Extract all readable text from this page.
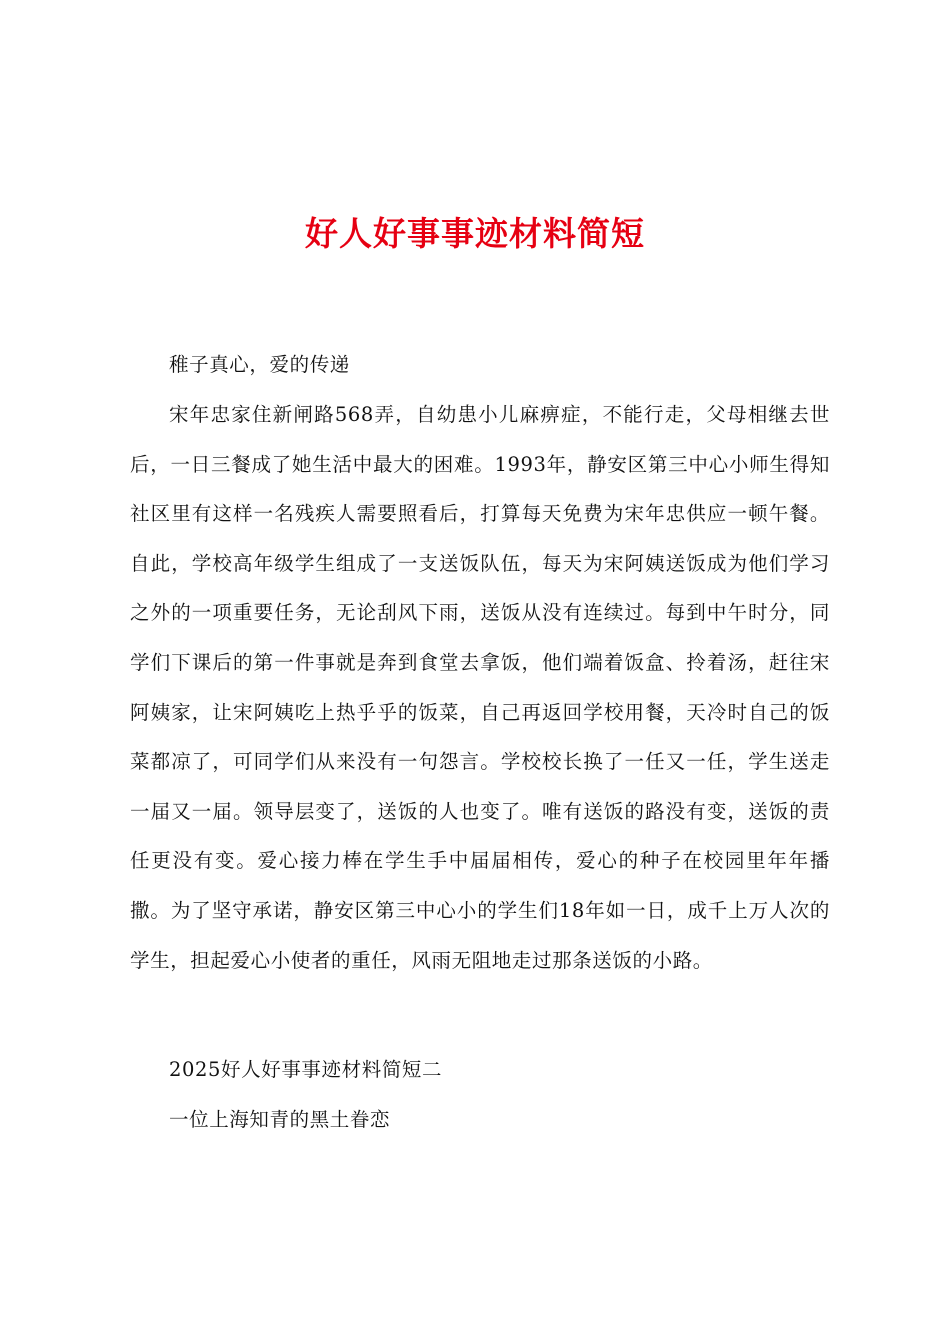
好人好事事迹材料简短

稚子真心，爱的传递

宋年忠家住新闸路568弄，自幼患小儿麻痹症，不能行走，父母相继去世后，一日三餐成了她生活中最大的困难。1993年，静安区第三中心小师生得知社区里有这样一名残疾人需要照看后，打算每天免费为宋年忠供应一顿午餐。自此，学校高年级学生组成了一支送饭队伍，每天为宋阿姨送饭成为他们学习之外的一项重要任务，无论刮风下雨，送饭从没有连续过。每到中午时分，同学们下课后的第一件事就是奔到食堂去拿饭，他们端着饭盒、拎着汤，赶往宋阿姨家，让宋阿姨吃上热乎乎的饭菜，自己再返回学校用餐，天冷时自己的饭菜都凉了，可同学们从来没有一句怨言。学校校长换了一任又一任，学生送走一届又一届。领导层变了，送饭的人也变了。唯有送饭的路没有变，送饭的责任更没有变。爱心接力棒在学生手中届届相传，爱心的种子在校园里年年播撒。为了坚守承诺，静安区第三中心小的学生们18年如一日，成千上万人次的学生，担起爱心小使者的重任，风雨无阻地走过那条送饭的小路。

2025好人好事事迹材料简短二

一位上海知青的黑土眷恋
